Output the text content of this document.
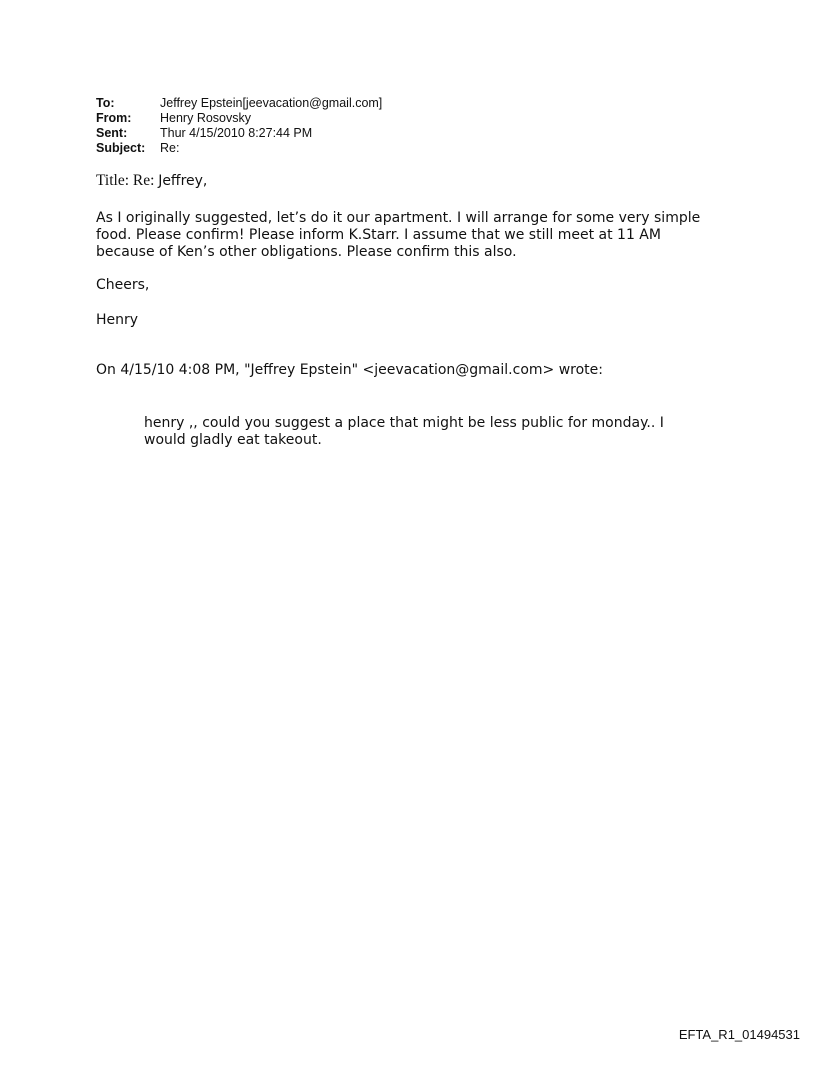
To:	Jeffrey Epstein[jeevacation@gmail.com]
From:	Henry Rosovsky
Sent:	Thur 4/15/2010 8:27:44 PM
Subject:	Re:
Title: Re: Jeffrey,
As I originally suggested, let’s do it our apartment. I will arrange for some very simple
food. Please confirm! Please inform K.Starr. I assume that we still meet at 11 AM
because of Ken’s other obligations. Please confirm this also.
Cheers,
Henry
On 4/15/10 4:08 PM, "Jeffrey Epstein" <jeevacation@gmail.com> wrote:
henry ,, could you suggest a place that might be less public for monday.. I
would gladly eat takeout.
EFTA_R1_01494531
